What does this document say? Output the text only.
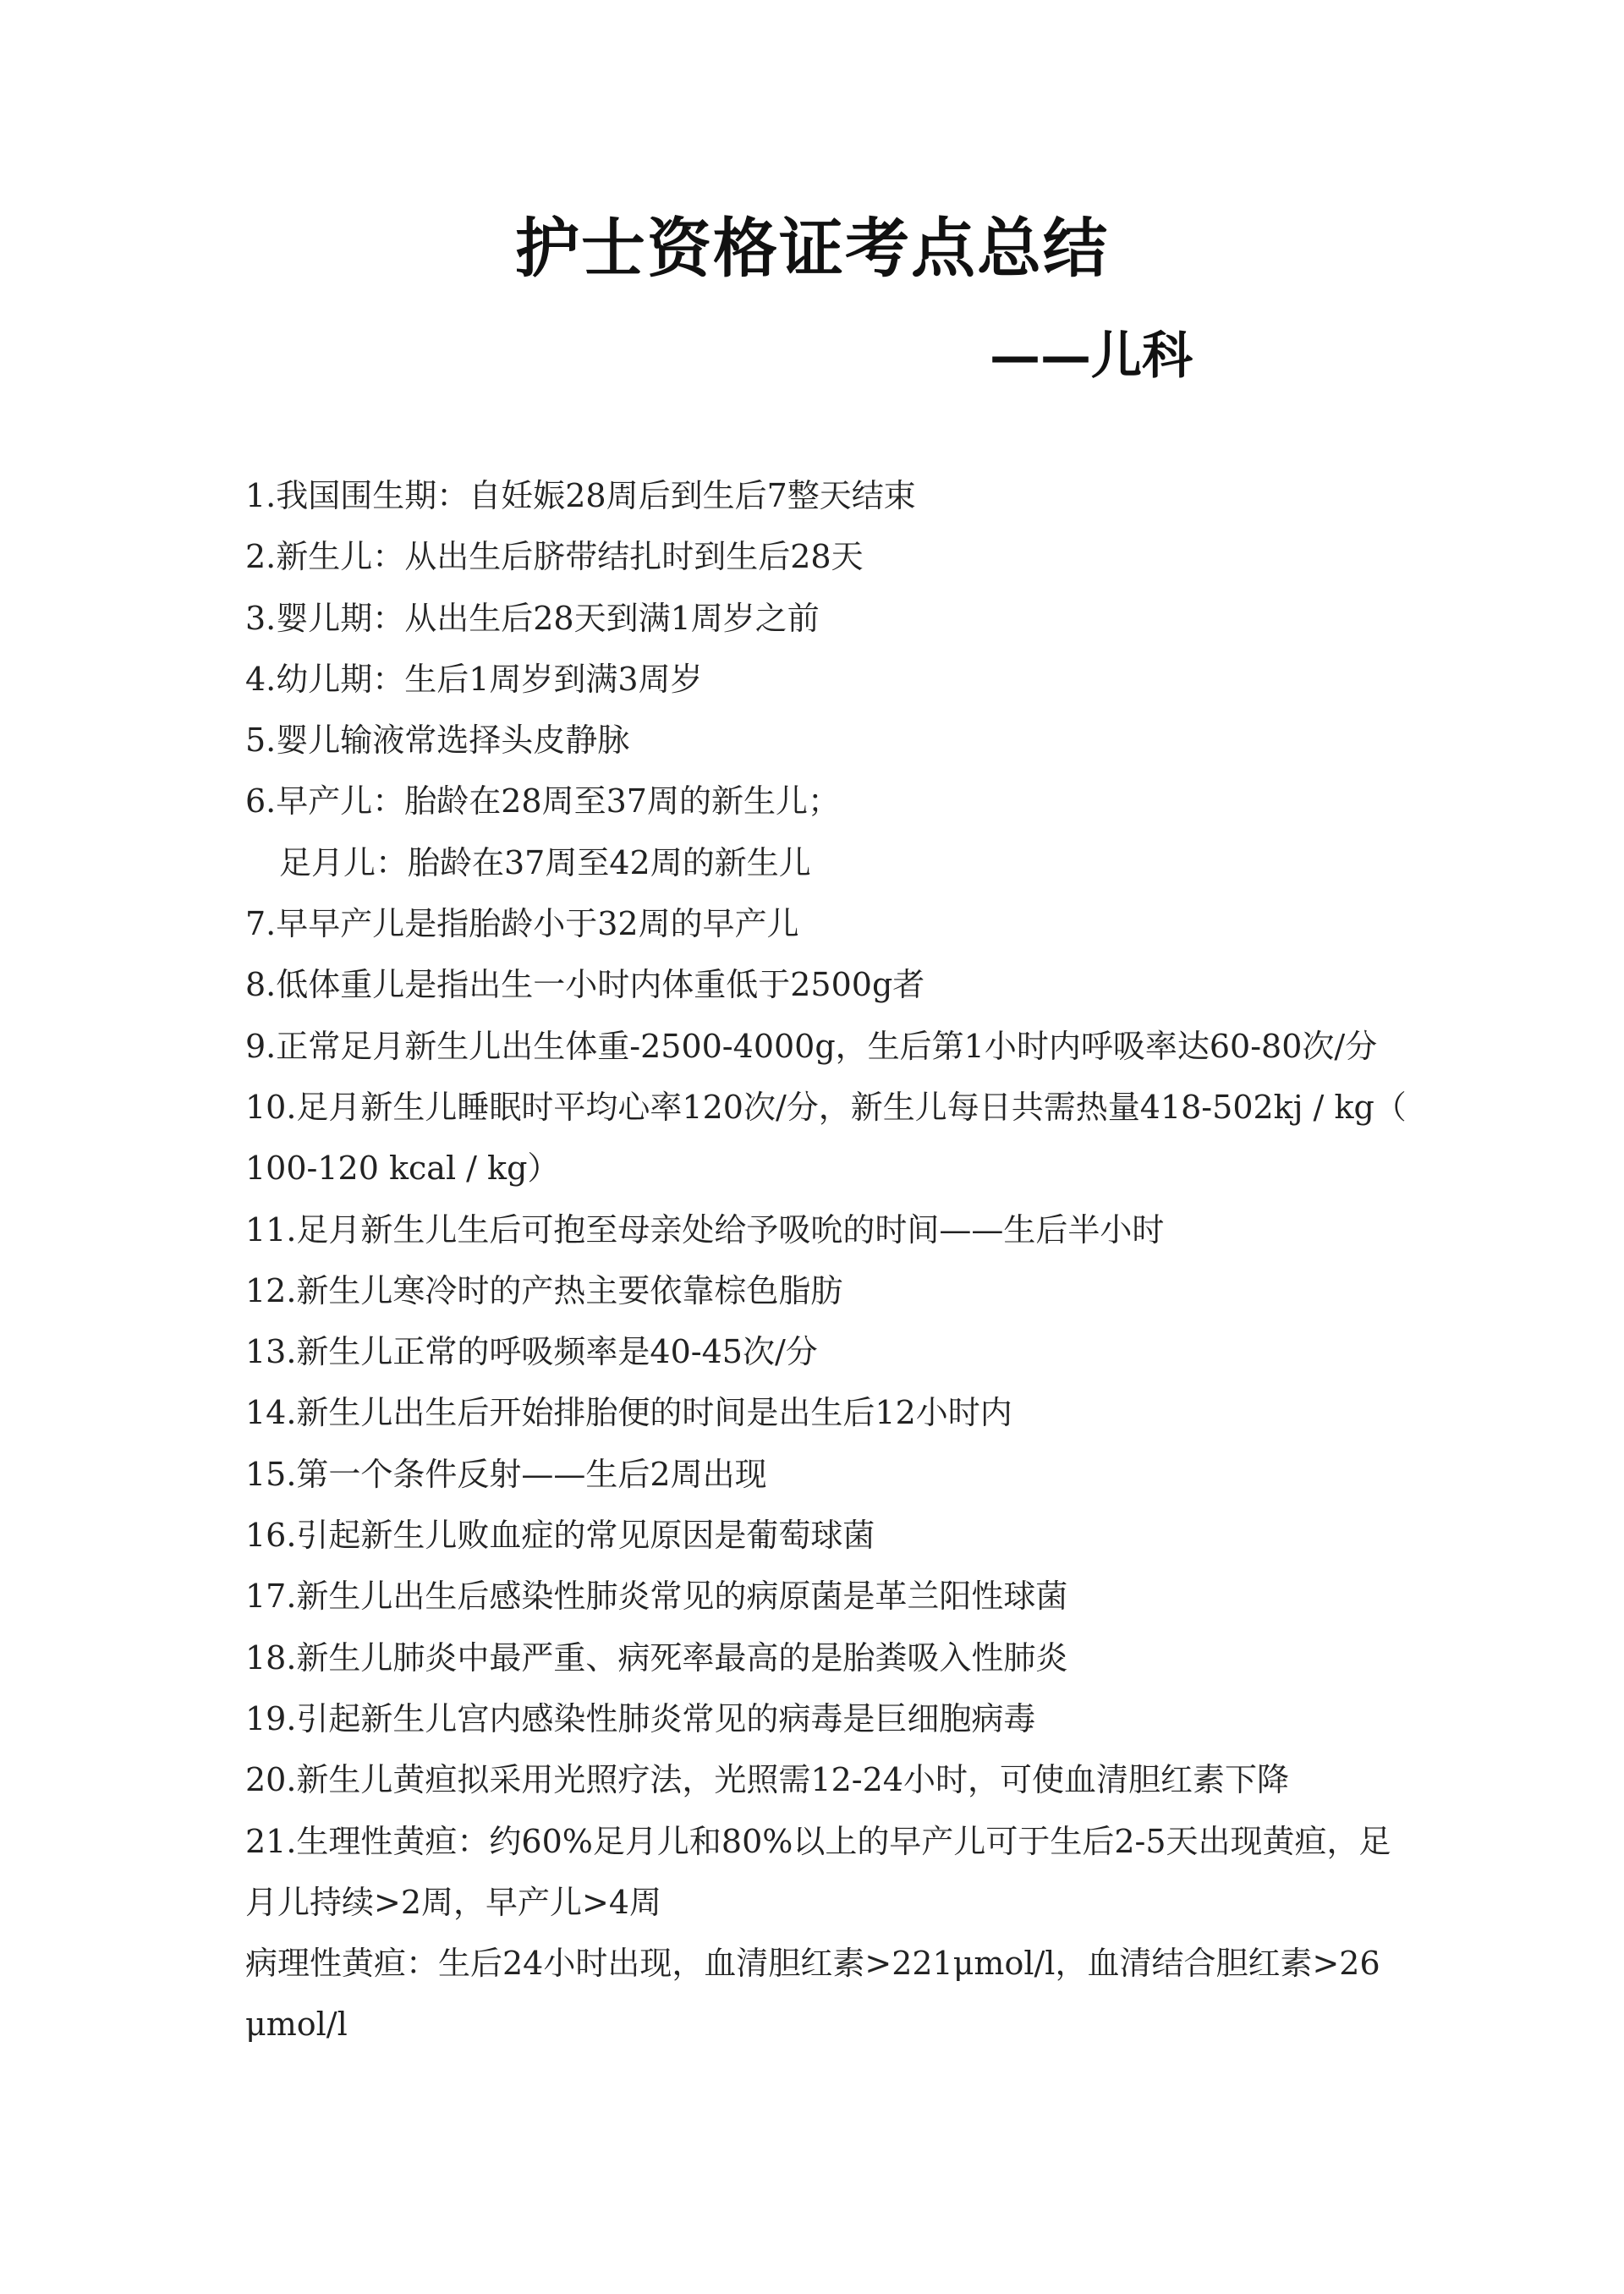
护士资格证考点总结
——儿科
1.我国围生期：自妊娠28周后到生后7整天结束
2.新生儿：从出生后脐带结扎时到生后28天
3.婴儿期：从出生后28天到满1周岁之前
4.幼儿期：生后1周岁到满3周岁
5.婴儿输液常选择头皮静脉
6.早产儿：胎龄在28周至37周的新生儿；
足月儿：胎龄在37周至42周的新生儿
7.早早产儿是指胎龄小于32周的早产儿
8.低体重儿是指出生一小时内体重低于2500g者
9.正常足月新生儿出生体重-2500-4000g，生后第1小时内呼吸率达60-80次/分
10.足月新生儿睡眠时平均心率120次/分，新生儿每日共需热量418-502kj / kg（
100-120 kcal / kg）
11.足月新生儿生后可抱至母亲处给予吸吮的时间——生后半小时
12.新生儿寒冷时的产热主要依靠棕色脂肪
13.新生儿正常的呼吸频率是40-45次/分
14.新生儿出生后开始排胎便的时间是出生后12小时内
15.第一个条件反射——生后2周出现
16.引起新生儿败血症的常见原因是葡萄球菌
17.新生儿出生后感染性肺炎常见的病原菌是革兰阳性球菌
18.新生儿肺炎中最严重、病死率最高的是胎粪吸入性肺炎
19.引起新生儿宫内感染性肺炎常见的病毒是巨细胞病毒
20.新生儿黄疸拟采用光照疗法，光照需12-24小时，可使血清胆红素下降
21.生理性黄疸：约60%足月儿和80%以上的早产儿可于生后2-5天出现黄疸，足
月儿持续>2周，早产儿>4周
病理性黄疸：生后24小时出现，血清胆红素>221μmol/l，血清结合胆红素>26
μmol/l
